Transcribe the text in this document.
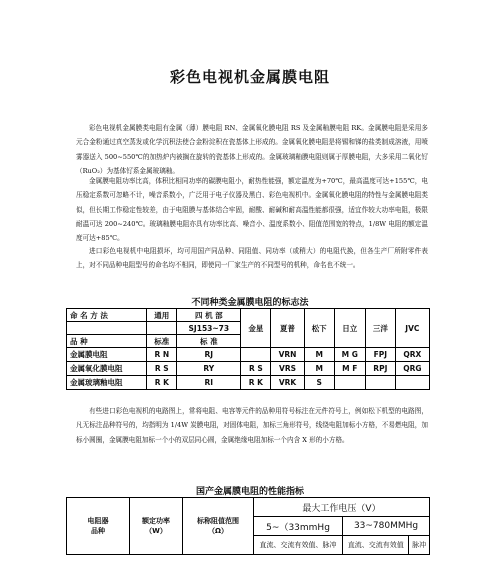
彩色电视机金属膜电阻

彩色电视机金属膜类电阻有金属（薄）膜电阻 RN、金属氧化膜电阻 RS 及金属釉膜电阻 RK。金属膜电阻是采用多元合金粉通过真空蒸发或化学沉积法使合金粉淀积在瓷基体上形成的。金属氧化膜电阻是将锡和锑的盐类制成溶液，用喷雾器送入 500~550℃的加热炉内被搁在旋转的瓷基体上形成的。金属玻璃釉膜电阻则属于厚膜电阻，大多采用二氧化钌（RuO₂）为基体钌系金属玻璃釉。

金属膜电阻功率比高，体积比相同功率的碳膜电阻小，耐热性能强，额定温度为+70℃，最高温度可达+155℃，电压稳定系数可忽略不计，噪音系数小，广泛用于电子仪器及黑白、彩色电视机中。金属氧化膜电阻的特性与金属膜电阻类似，但长期工作稳定性较差，由于电阻膜与基体结合牢固，耐酸、耐碱和耐高温性能都很强，适宜作较大功率电阻，极限耐温可达 200~240℃。玻璃釉膜电阻亦具有功率比高、噪音小、温度系数小、阻值范围宽的特点，1/8W 电阻的额定温度可达+85℃。

进口彩色电视机中电阻损坏，均可用国产同品种、同阻值、同功率（或稍大）的电阻代换，但各生产厂所附零件表上，对不同品种电阻型号的命名均不相同，即使同一厂家生产的不同型号的机种，命名也不统一。

不同种类金属膜电阻的标志法
命 名 方 法	通用	四 机 部	金星	夏普	松下	日立	三洋	JVC
		SJ153~73						
品 种	标准	标 准						
金属膜电阻	R N	RJ		VRN	M	M G	FPJ	QRX
金属氧化膜电阻	R S	RY	R S	VRS	M	M F	RPJ	QRG
金属玻璃釉电阻	R K	RI	R K	VRK	S			

有些进口彩色电视机的电路图上，常将电阻、电容等元件的品种用符号标注在元件符号上，例如松下机型的电路图，凡无标注品种符号的，均指明为 1/4W 炭膜电阻，对固体电阻，加标三角形符号，线绕电阻加标小方格，不易燃电阻，加标小圆圈，金属膜电阻加标一个小的双层同心圆，金属绝缘电阻加标一个内含 X 形的小方格。

国产金属膜电阻的性能指标
电阻器
品种	额定功率
（W）	标称阻值范围
（Ω）	最大工作电压（V）		
			5~（33mmHg	33~780MMHg	
			直流、交流有效值、脉冲	直流、交流有效值	脉冲
